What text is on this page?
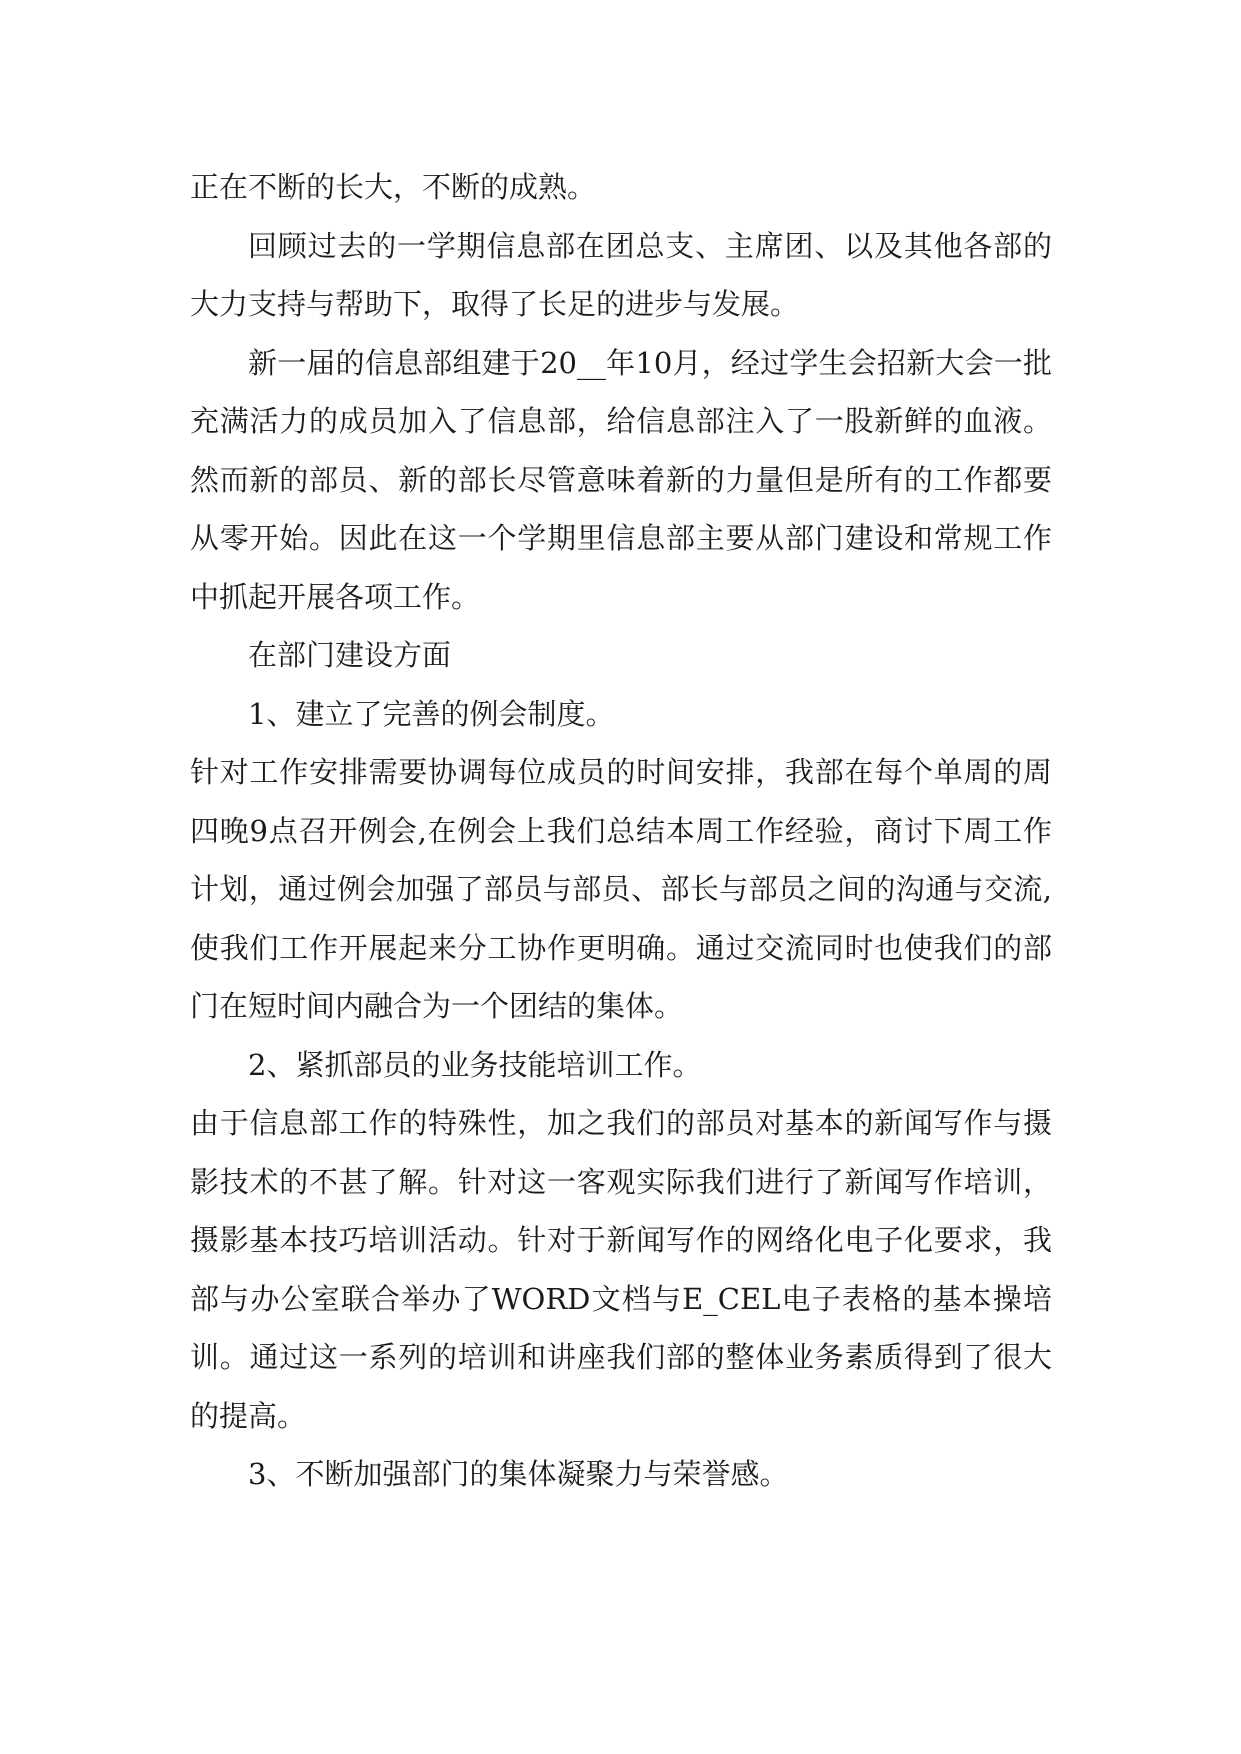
正在不断的长大，不断的成熟。

回顾过去的一学期信息部在团总支、主席团、以及其他各部的大力支持与帮助下，取得了长足的进步与发展。

新一届的信息部组建于20__年10月，经过学生会招新大会一批充满活力的成员加入了信息部，给信息部注入了一股新鲜的血液。然而新的部员、新的部长尽管意味着新的力量但是所有的工作都要从零开始。因此在这一个学期里信息部主要从部门建设和常规工作中抓起开展各项工作。

在部门建设方面

1、建立了完善的例会制度。

针对工作安排需要协调每位成员的时间安排，我部在每个单周的周四晚9点召开例会,在例会上我们总结本周工作经验，商讨下周工作计划，通过例会加强了部员与部员、部长与部员之间的沟通与交流,使我们工作开展起来分工协作更明确。通过交流同时也使我们的部门在短时间内融合为一个团结的集体。

2、紧抓部员的业务技能培训工作。

由于信息部工作的特殊性，加之我们的部员对基本的新闻写作与摄影技术的不甚了解。针对这一客观实际我们进行了新闻写作培训，摄影基本技巧培训活动。针对于新闻写作的网络化电子化要求，我部与办公室联合举办了WORD文档与E_CEL电子表格的基本操培训。通过这一系列的培训和讲座我们部的整体业务素质得到了很大的提高。

3、不断加强部门的集体凝聚力与荣誉感。
